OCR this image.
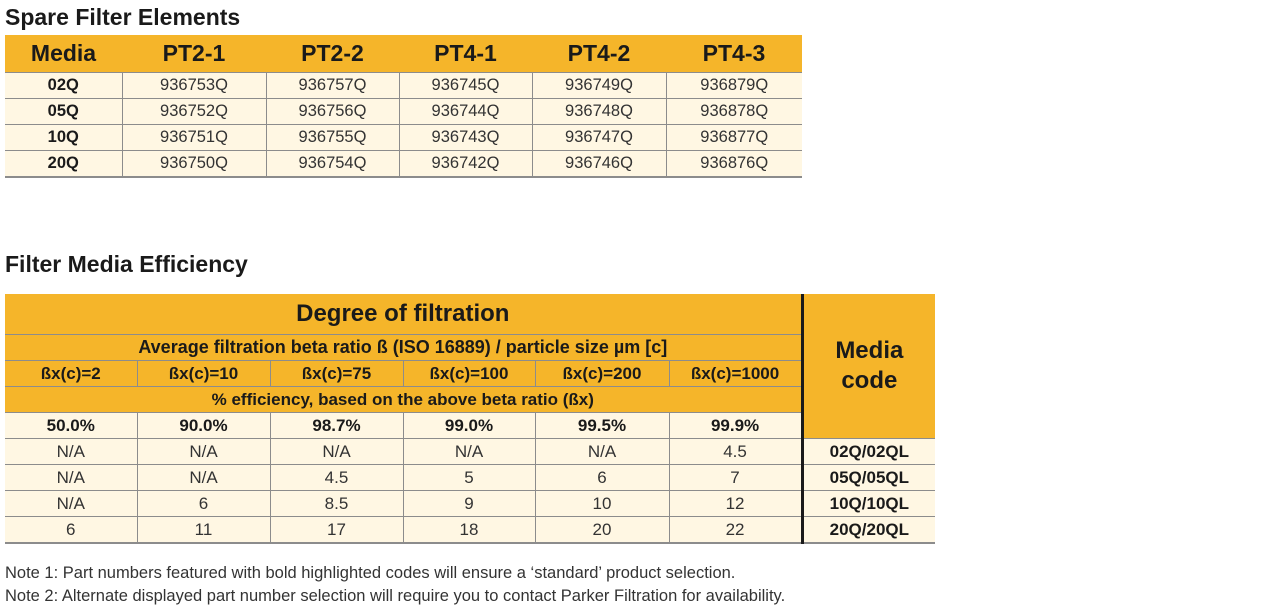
Spare Filter Elements
Media	PT2-1	PT2-2	PT4-1	PT4-2	PT4-3
02Q	936753Q	936757Q	936745Q	936749Q	936879Q
05Q	936752Q	936756Q	936744Q	936748Q	936878Q
10Q	936751Q	936755Q	936743Q	936747Q	936877Q
20Q	936750Q	936754Q	936742Q	936746Q	936876Q
Filter Media Efficiency
Degree of filtration						Media
code

Average filtration beta ratio ß (ISO 16889) / particle size µm [c]						
ßx(c)=2	ßx(c)=10	ßx(c)=75	ßx(c)=100	ßx(c)=200	ßx(c)=1000	
% efficiency, based on the above beta ratio (ßx)						
50.0%	90.0%	98.7%	99.0%	99.5%	99.9%	
N/A	N/A	N/A	N/A	N/A	4.5	02Q/02QL
N/A	N/A	4.5	5	6	7	05Q/05QL
N/A	6	8.5	9	10	12	10Q/10QL
6	11	17	18	20	22	20Q/20QL

Note 1: Part numbers featured with bold highlighted codes will ensure a ‘standard’ product selection.

Note 2: Alternate displayed part number selection will require you to contact Parker Filtration for availability.
